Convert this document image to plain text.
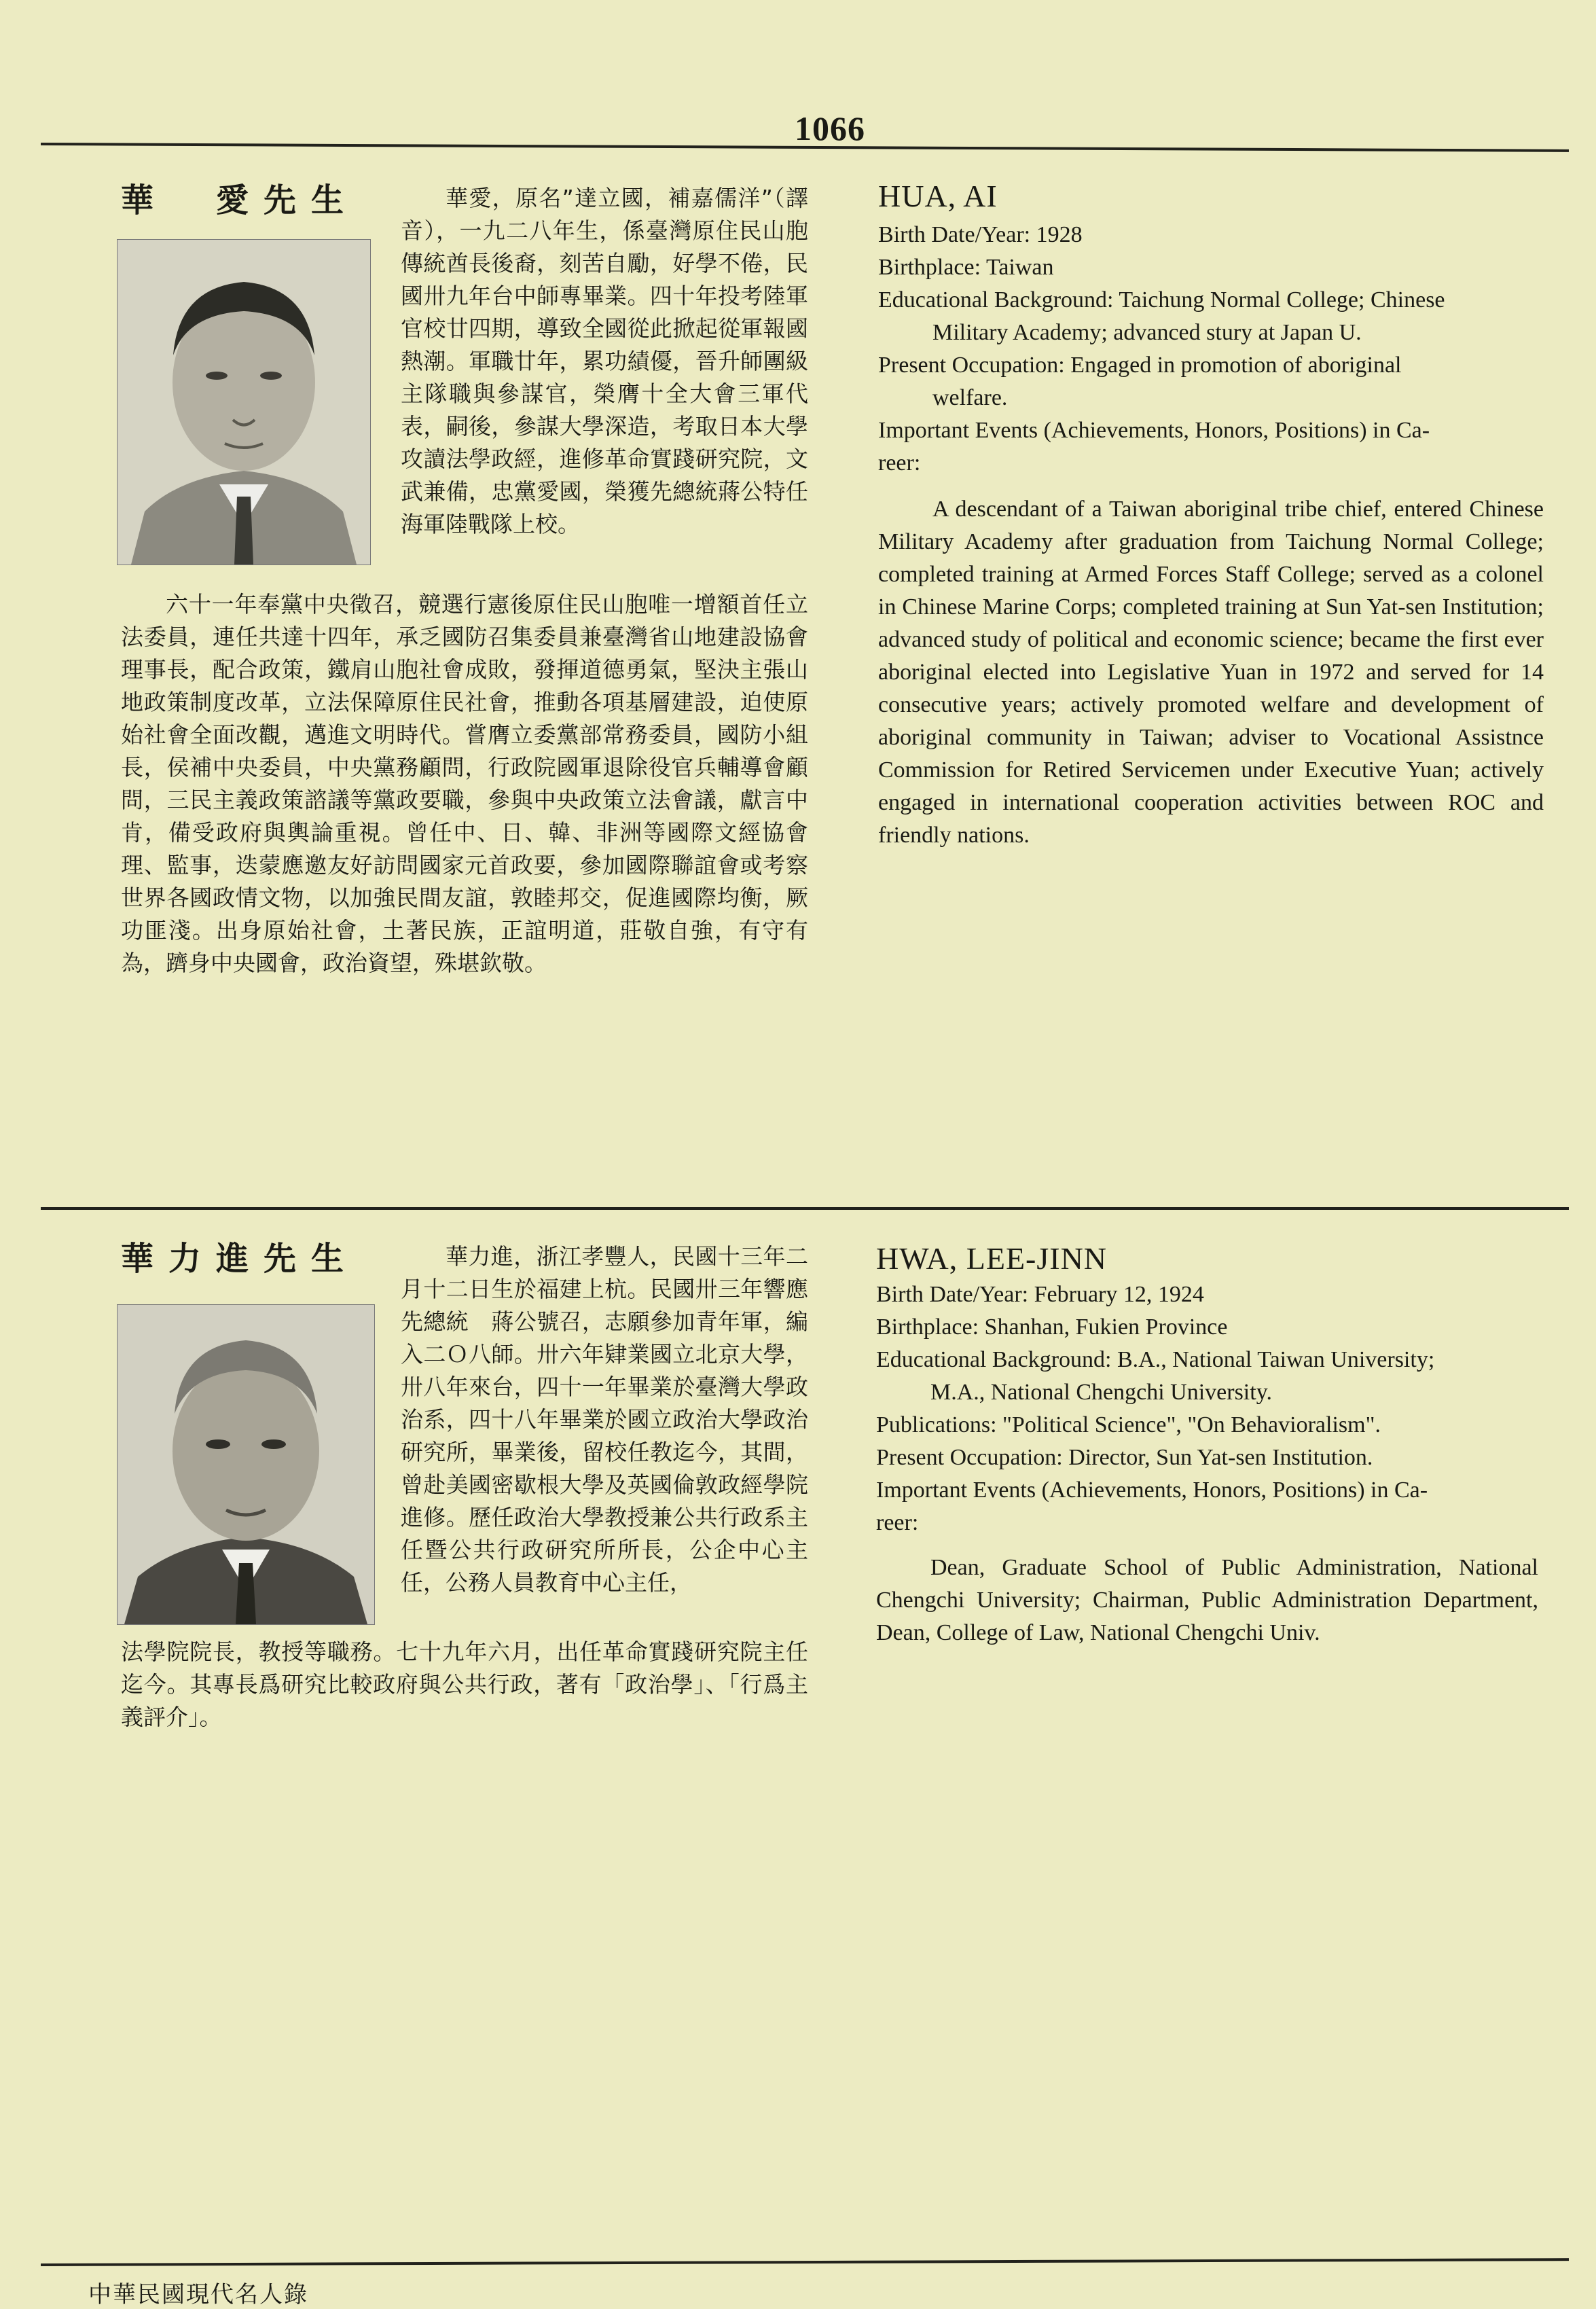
1066
華　愛先生	華愛，原名”達立國，補嘉儒洋”（譯音），一九二八年生，係臺灣原住民山胞傳統酋長後裔，刻苦自勵，好學不倦，民國卅九年台中師專畢業。四十年投考陸軍官校廿四期，導致全國從此掀起從軍報國熱潮。軍職廿年，累功績優，晉升師團級主隊職與參謀官，榮膺十全大會三軍代表，嗣後，參謀大學深造，考取日本大學攻讀法學政經，進修革命實踐研究院，文武兼備，忠黨愛國，榮獲先總統蔣公特任海軍陸戰隊上校。

六十一年奉黨中央徵召，競選行憲後原住民山胞唯一增額首任立法委員，連任共達十四年，承乏國防召集委員兼臺灣省山地建設協會理事長，配合政策，鐵肩山胞社會成敗，發揮道德勇氣，堅決主張山地政策制度改革，立法保障原住民社會，推動各項基層建設，迫使原始社會全面改觀，邁進文明時代。嘗膺立委黨部常務委員，國防小組長，侯補中央委員，中央黨務顧問，行政院國軍退除役官兵輔導會顧問，三民主義政策諮議等黨政要職，參與中央政策立法會議，獻言中肯，備受政府與輿論重視。曾任中、日、韓、非洲等國際文經協會理、監事，迭蒙應邀友好訪問國家元首政要，參加國際聯誼會或考察世界各國政情文物，以加強民間友誼，敦睦邦交，促進國際均衡，厥功匪淺。出身原始社會，土著民族，正誼明道，莊敬自強，有守有為，躋身中央國會，政治資望，殊堪欽敬。

HUA, AI
Birth Date/Year: 1928
Birthplace: Taiwan
Educational Background: Taichung Normal College; Chinese
Military Academy; advanced stury at Japan U.
Present Occupation: Engaged in promotion of aboriginal
welfare.
Important Events (Achievements, Honors, Positions) in Ca-
reer:
A descendant of a Taiwan aboriginal tribe chief, entered Chinese Military Academy after graduation from Taichung Normal College; completed training at Armed Forces Staff College; served as a colonel in Chinese Marine Corps; completed training at Sun Yat-sen Institution; advanced study of political and economic science; became the first ever aboriginal elected into Legislative Yuan in 1972 and served for 14 consecutive years; actively promoted welfare and development of aboriginal community in Taiwan; adviser to Vocational Assistnce Commission for Retired Servicemen under Executive Yuan; actively engaged in international cooperation activities between ROC and friendly nations.
華力進先生	華力進，浙江孝豐人，民國十三年二月十二日生於福建上杭。民國卅三年響應先總統　蔣公號召，志願參加青年軍，編入二Ｏ八師。卅六年肄業國立北京大學，卅八年來台，四十一年畢業於臺灣大學政治系，四十八年畢業於國立政治大學政治研究所，畢業後，留校任教迄今，其間，曾赴美國密歇根大學及英國倫敦政經學院進修。歷任政治大學教授兼公共行政系主任暨公共行政研究所所長，公企中心主任，公務人員教育中心主任，

法學院院長，教授等職務。七十九年六月，出任革命實踐研究院主任迄今。其專長爲研究比較政府與公共行政，著有「政治學」、「行爲主義評介」。

HWA, LEE-JINN
Birth Date/Year: February 12, 1924
Birthplace: Shanhan, Fukien Province
Educational Background: B.A., National Taiwan University;
M.A., National Chengchi University.
Publications: "Political Science", "On Behavioralism".
Present Occupation: Director, Sun Yat-sen Institution.
Important Events (Achievements, Honors, Positions) in Ca-
reer:
Dean, Graduate School of Public Administration, National Chengchi University; Chairman, Public Administration Department, Dean, College of Law, National Chengchi Univ.
中華民國現代名人錄
